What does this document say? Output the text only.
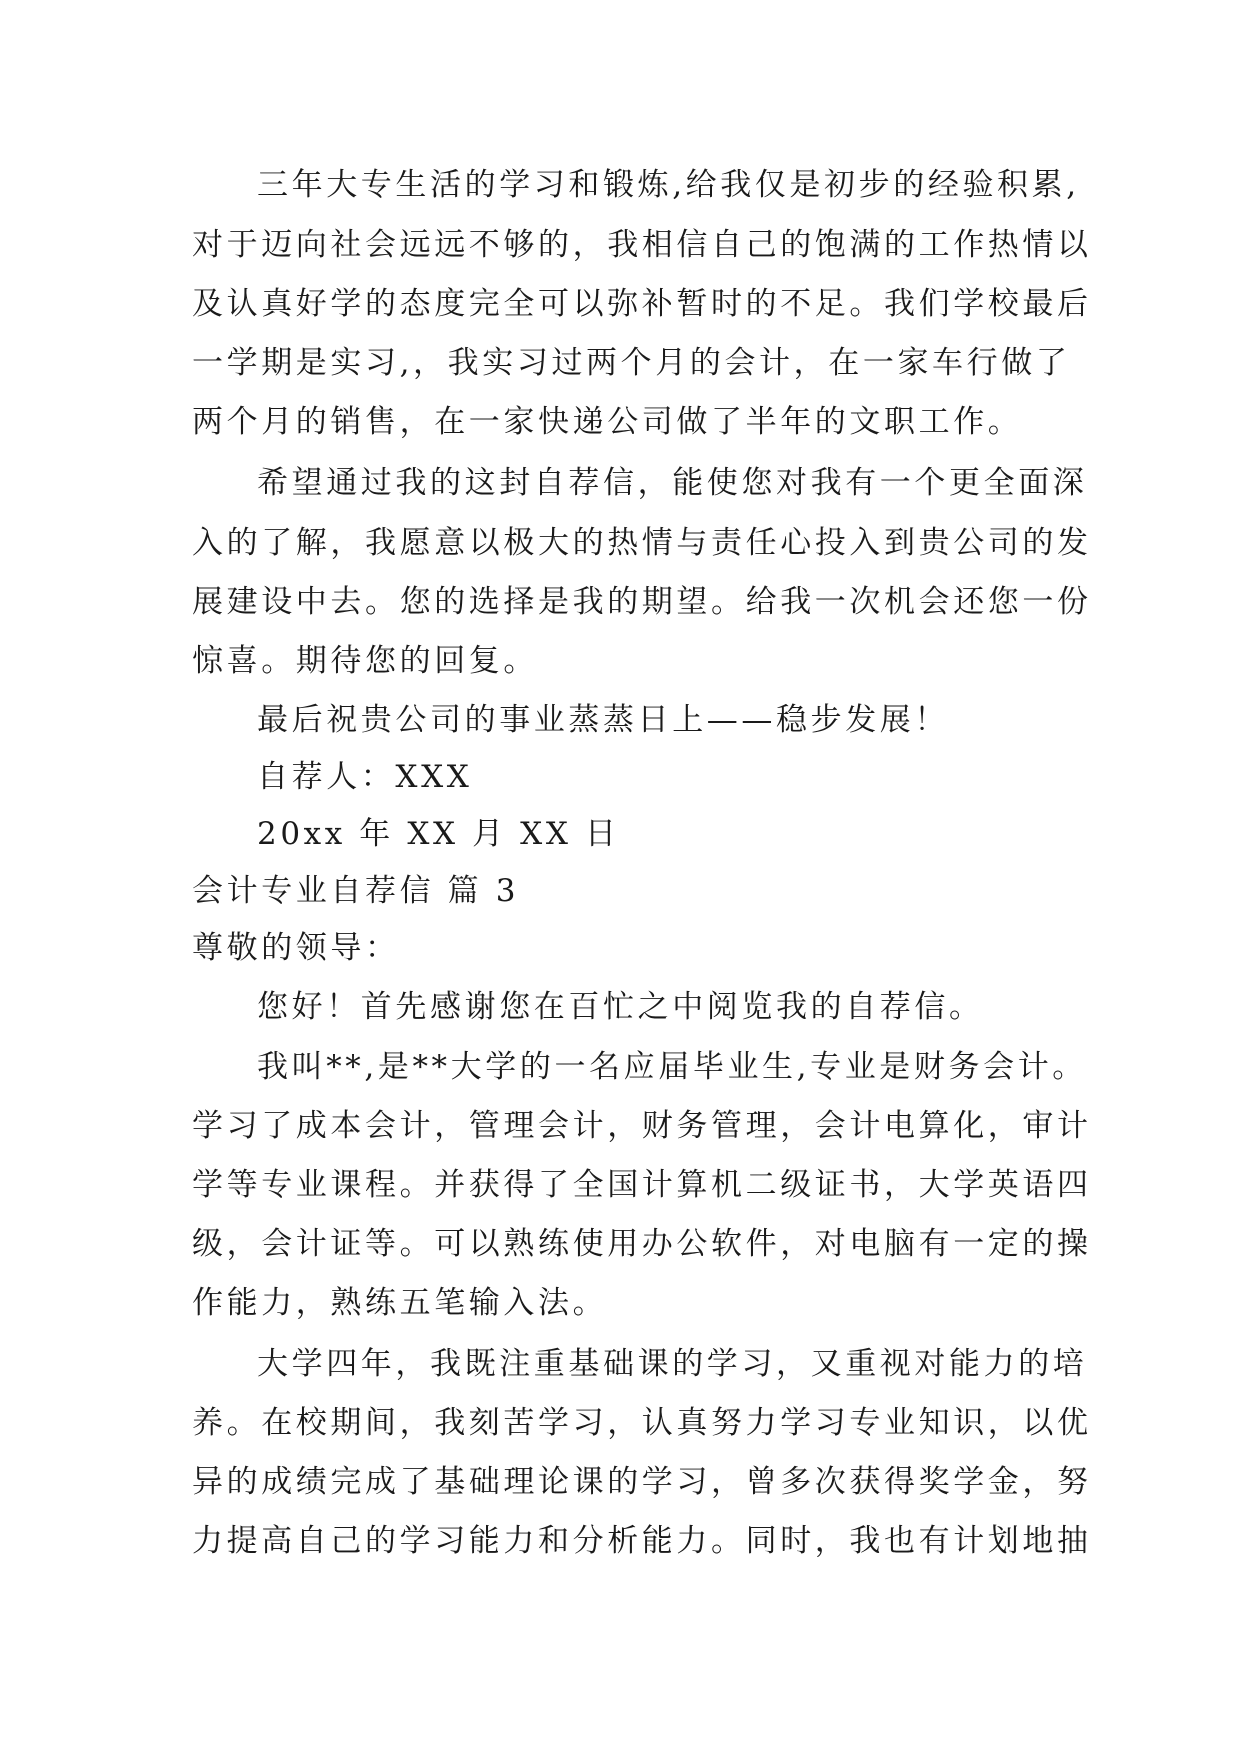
三年大专生活的学习和锻炼,给我仅是初步的经验积累,
对于迈向社会远远不够的，我相信自己的饱满的工作热情以
及认真好学的态度完全可以弥补暂时的不足。我们学校最后
一学期是实习,，我实习过两个月的会计，在一家车行做了
两个月的销售，在一家快递公司做了半年的文职工作。
希望通过我的这封自荐信，能使您对我有一个更全面深
入的了解，我愿意以极大的热情与责任心投入到贵公司的发
展建设中去。您的选择是我的期望。给我一次机会还您一份
惊喜。期待您的回复。
最后祝贵公司的事业蒸蒸日上——稳步发展！
自荐人：XXX
20xx 年 XX 月 XX 日
会计专业自荐信 篇 3
尊敬的领导：
您好！首先感谢您在百忙之中阅览我的自荐信。
我叫**,是**大学的一名应届毕业生,专业是财务会计。
学习了成本会计，管理会计，财务管理，会计电算化，审计
学等专业课程。并获得了全国计算机二级证书，大学英语四
级，会计证等。可以熟练使用办公软件，对电脑有一定的操
作能力，熟练五笔输入法。
大学四年，我既注重基础课的学习，又重视对能力的培
养。在校期间，我刻苦学习，认真努力学习专业知识，以优
异的成绩完成了基础理论课的学习，曾多次获得奖学金，努
力提高自己的学习能力和分析能力。同时，我也有计划地抽
